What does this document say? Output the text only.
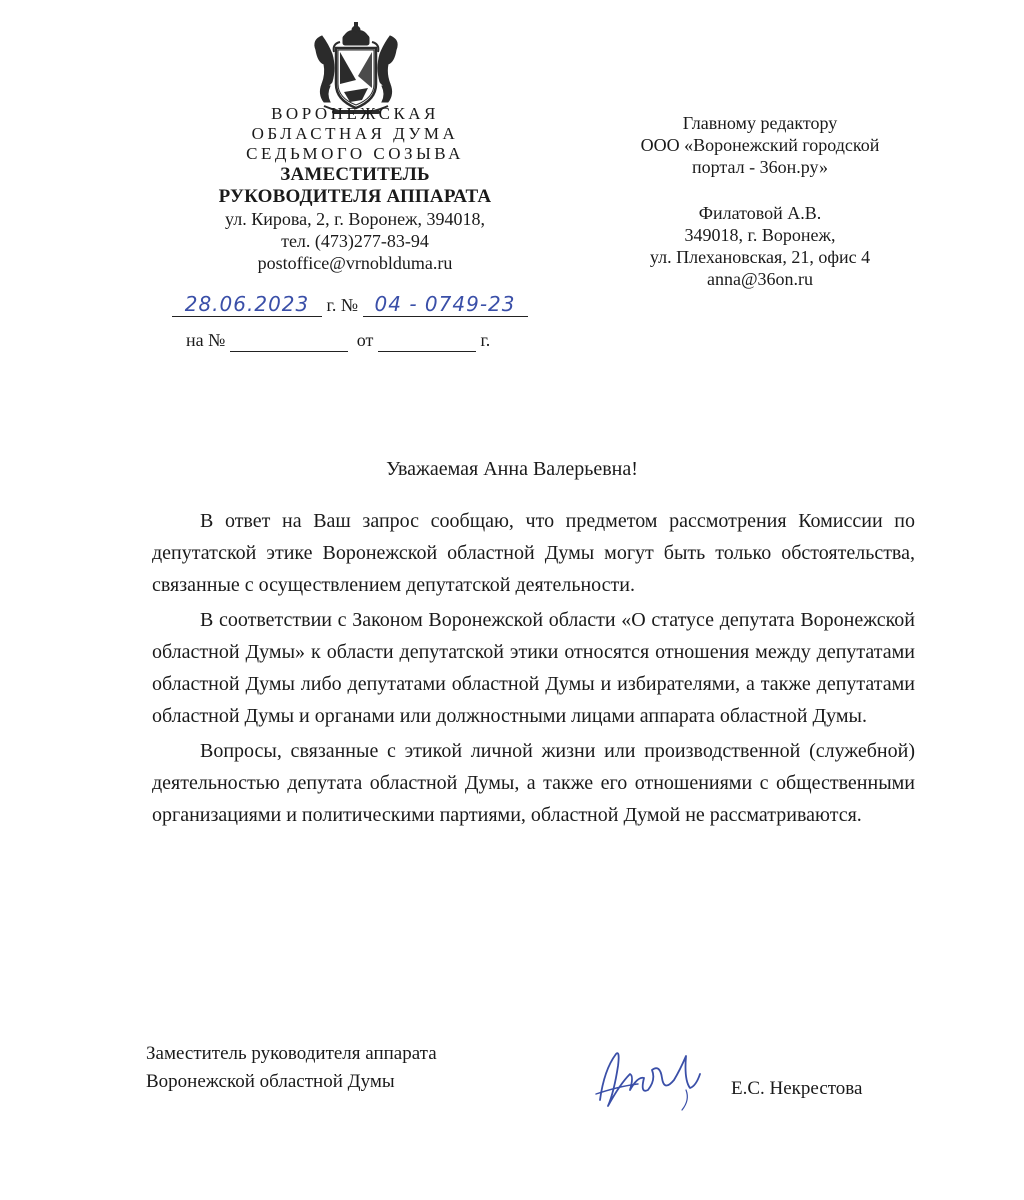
ВОРОНЕЖСКАЯ
ОБЛАСТНАЯ ДУМА
СЕДЬМОГО СОЗЫВА
ЗАМЕСТИТЕЛЬ
РУКОВОДИТЕЛЯ АППАРАТА
ул. Кирова, 2, г. Воронеж, 394018,
тел. (473)277-83-94
postoffice@vrnoblduma.ru
28.06.2023 г. № 04 - 0749-23
на №	от	г.
Главному редактору
ООО «Воронежский городской
портал - 36он.ру»
Филатовой А.В.
349018, г. Воронеж,
ул. Плехановская, 21, офис 4
anna@36on.ru
Уважаемая Анна Валерьевна!

В ответ на Ваш запрос сообщаю, что предметом рассмотрения Комиссии по депутатской этике Воронежской областной Думы могут быть только обстоятельства, связанные с осуществлением депутатской деятельности.

В соответствии с Законом Воронежской области «О статусе депутата Воронежской областной Думы» к области депутатской этики относятся отношения между депутатами областной Думы либо депутатами областной Думы и избирателями, а также депутатами областной Думы и органами или должностными лицами аппарата областной Думы.

Вопросы, связанные с этикой личной жизни или производственной (служебной) деятельностью депутата областной Думы, а также его отношениями с общественными организациями и политическими партиями, областной Думой не рассматриваются.

Заместитель руководителя аппарата
Воронежской областной Думы	Е.С. Некрестова
